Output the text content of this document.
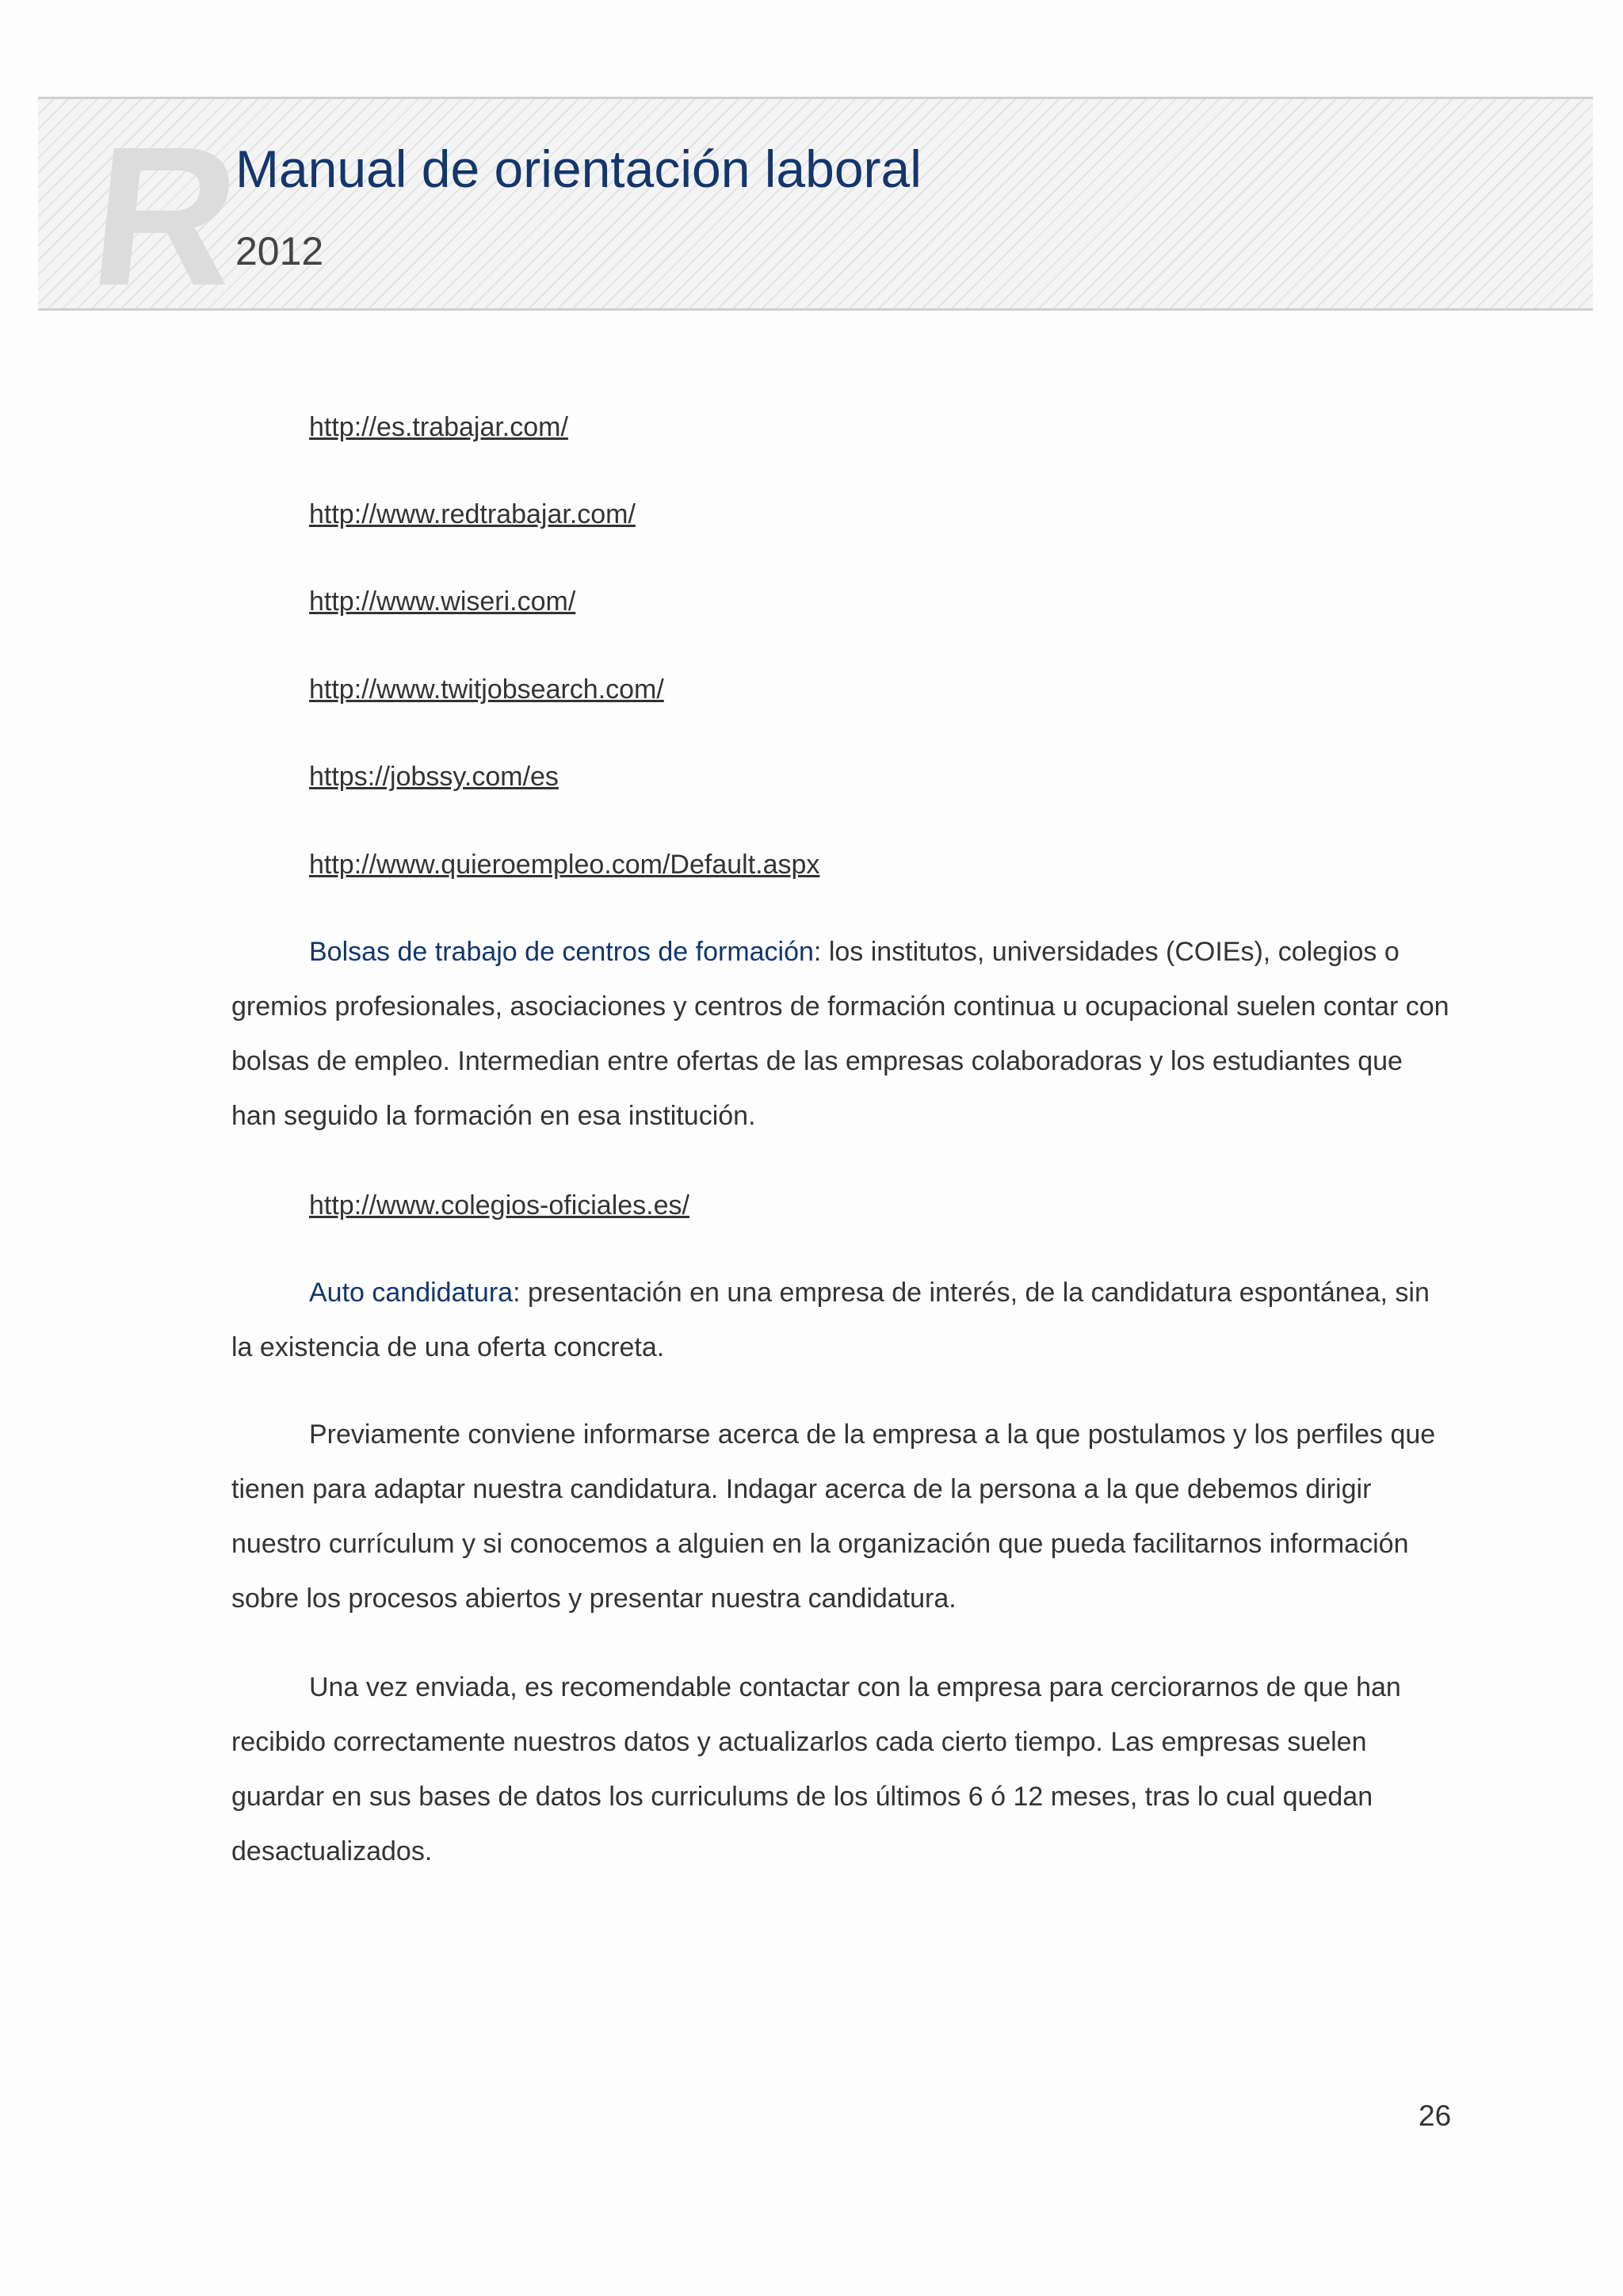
R
Manual de orientación laboral
2012
http://es.trabajar.com/
http://www.redtrabajar.com/
http://www.wiseri.com/
http://www.twitjobsearch.com/
https://jobssy.com/es
http://www.quieroempleo.com/Default.aspx

Bolsas de trabajo de centros de formación: los institutos, universidades (COIEs), colegios o gremios profesionales, asociaciones y centros de formación continua u ocupacional suelen contar con bolsas de empleo. Intermedian entre ofertas de las empresas colaboradoras y los estudiantes que han seguido la formación en esa institución.

http://www.colegios-oficiales.es/

Auto candidatura: presentación en una empresa de interés, de la candidatura espontánea, sin la existencia de una oferta concreta.

Previamente conviene informarse acerca de la empresa a la que postulamos y los perfiles que tienen para adaptar nuestra candidatura. Indagar acerca de la persona a la que debemos dirigir nuestro currículum y si conocemos a alguien en la organización que pueda facilitarnos información sobre los procesos abiertos y presentar nuestra candidatura.

Una vez enviada, es recomendable contactar con la empresa para cerciorarnos de que han recibido correctamente nuestros datos y actualizarlos cada cierto tiempo. Las empresas suelen guardar en sus bases de datos los curriculums de los últimos 6 ó 12 meses, tras lo cual quedan desactualizados.

26
